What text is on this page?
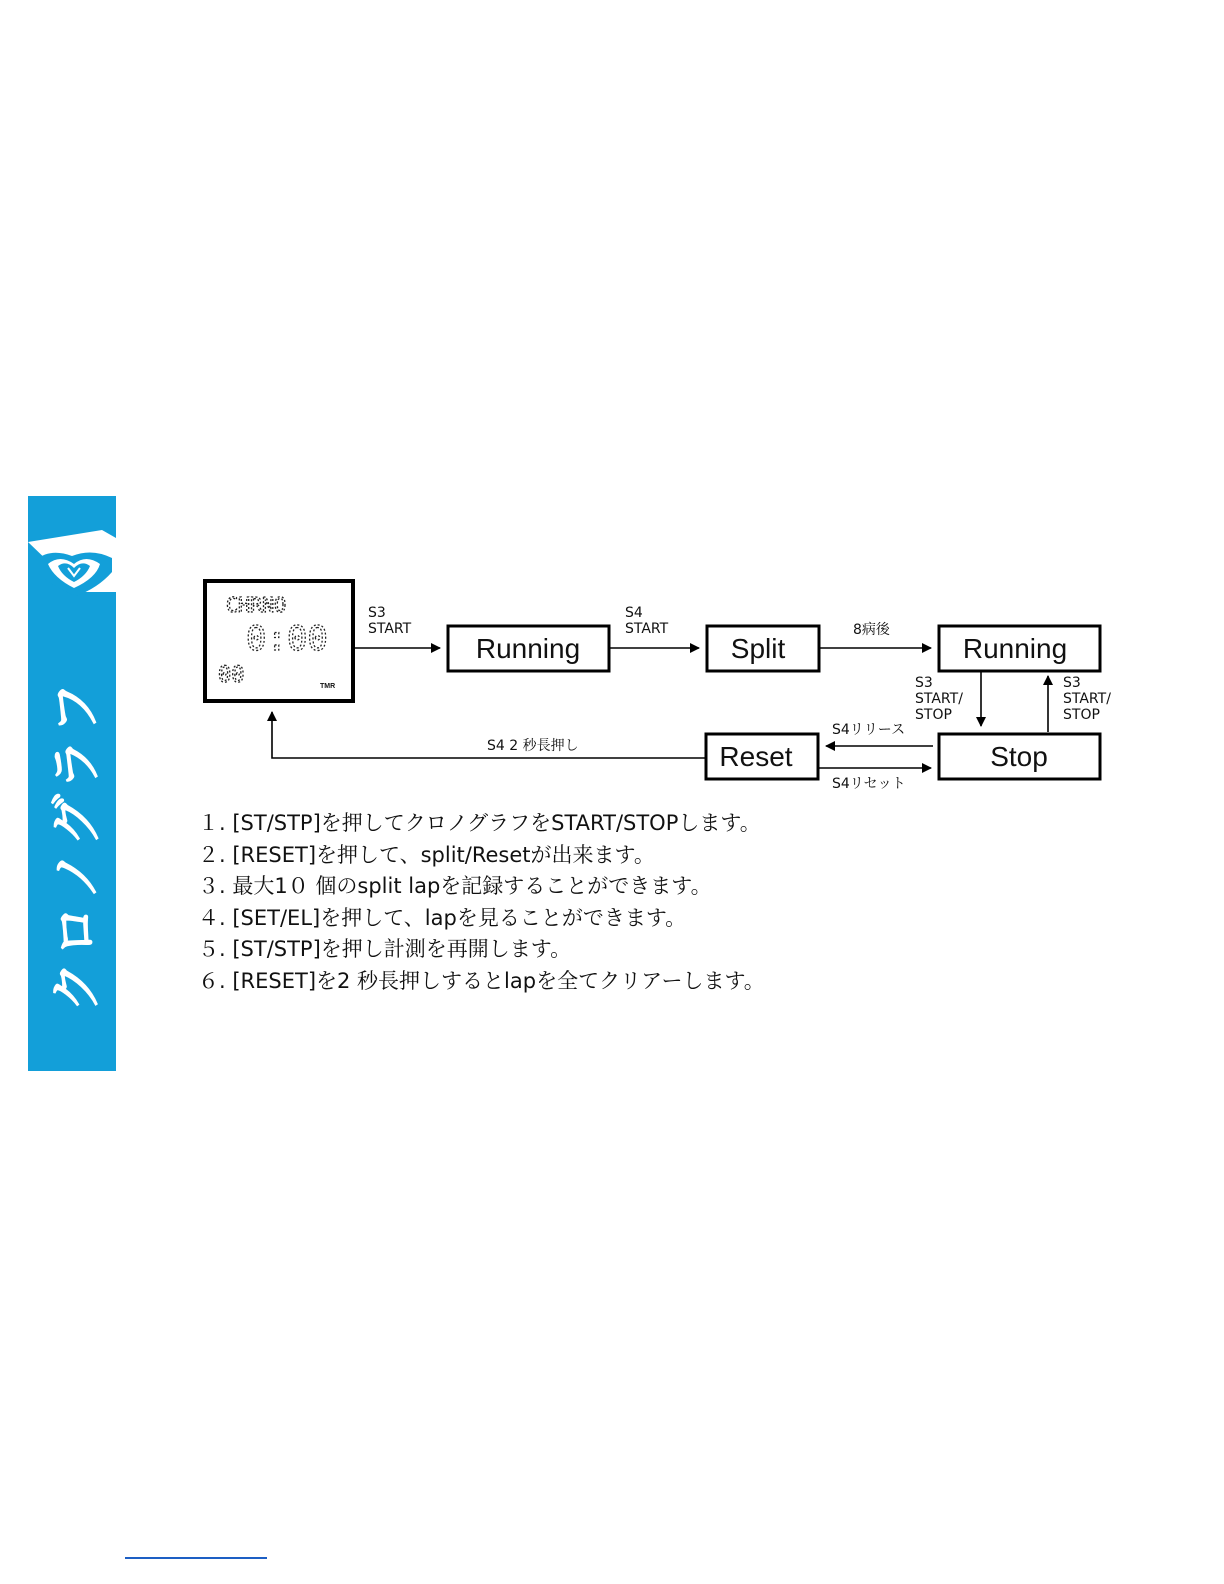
クロノグラフ
CHRNO
0:00
00	TMR
Running	Split	Running
Stop
Reset
S3
START
S4
START	8病後
S3
START/
STOP
S3
START/
STOP
S4リリース
S4リセット
S4 2 秒長押し
１. [ST/STP]を押してクロノグラフをSTART/STOPします。
２. [RESET]を押して、split/Resetが出来ます。
３. 最大1０ 個のsplit lapを記録することができます。
４. [SET/EL]を押して、lapを見ることができます。
５. [ST/STP]を押し計測を再開します。
６. [RESET]を2 秒長押しするとlapを全てクリアーします。
